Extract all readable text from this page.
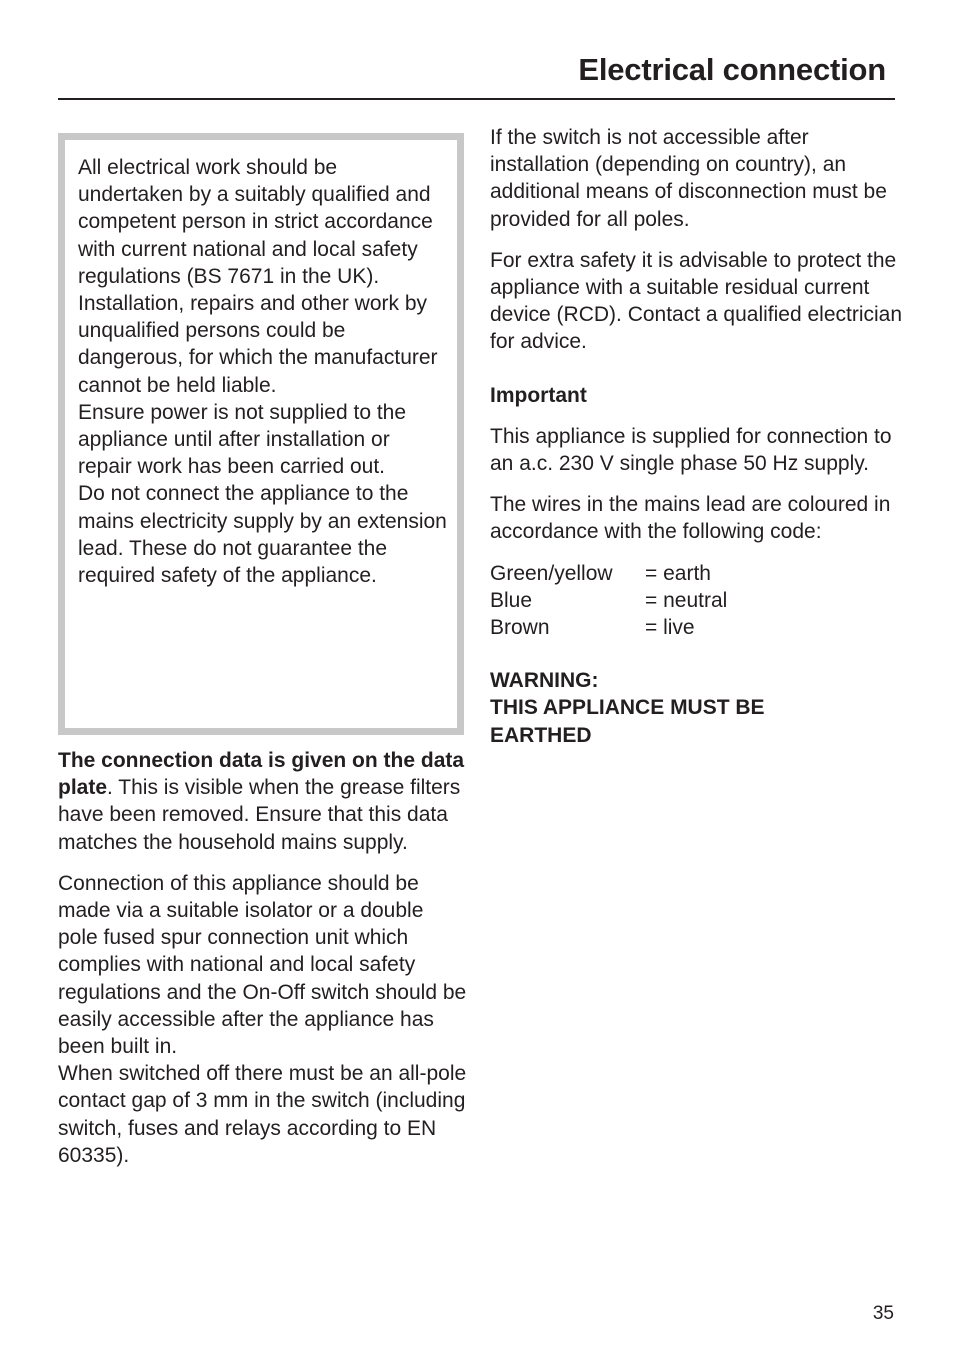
Electrical connection

All electrical work should be undertaken by a suitably qualified and competent person in strict accordance with current national and local safety regulations (BS 7671 in the UK).

Installation, repairs and other work by unqualified persons could be dangerous, for which the manufacturer cannot be held liable.

Ensure power is not supplied to the appliance until after installation or repair work has been carried out.

Do not connect the appliance to the mains electricity supply by an extension lead. These do not guarantee the required safety of the appliance.

The connection data is given on the data plate. This is visible when the grease filters have been removed. Ensure that this data matches the household mains supply.

Connection of this appliance should be made via a suitable isolator or a double pole fused spur connection unit which complies with national and local safety regulations and the On-Off switch should be easily accessible after the appliance has been built in.

When switched off there must be an all-pole contact gap of 3 mm in the switch (including switch, fuses and relays according to EN 60335).

If the switch is not accessible after installation (depending on country), an additional means of disconnection must be provided for all poles.

For extra safety it is advisable to protect the appliance with a suitable residual current device (RCD). Contact a qualified electrician for advice.

Important

This appliance is supplied for connection to an a.c. 230 V single phase 50 Hz supply.

The wires in the mains lead are coloured in accordance with the following code:

Green/yellow	= earth
Blue	= neutral
Brown	= live

WARNING:

THIS APPLIANCE MUST BE EARTHED

35
